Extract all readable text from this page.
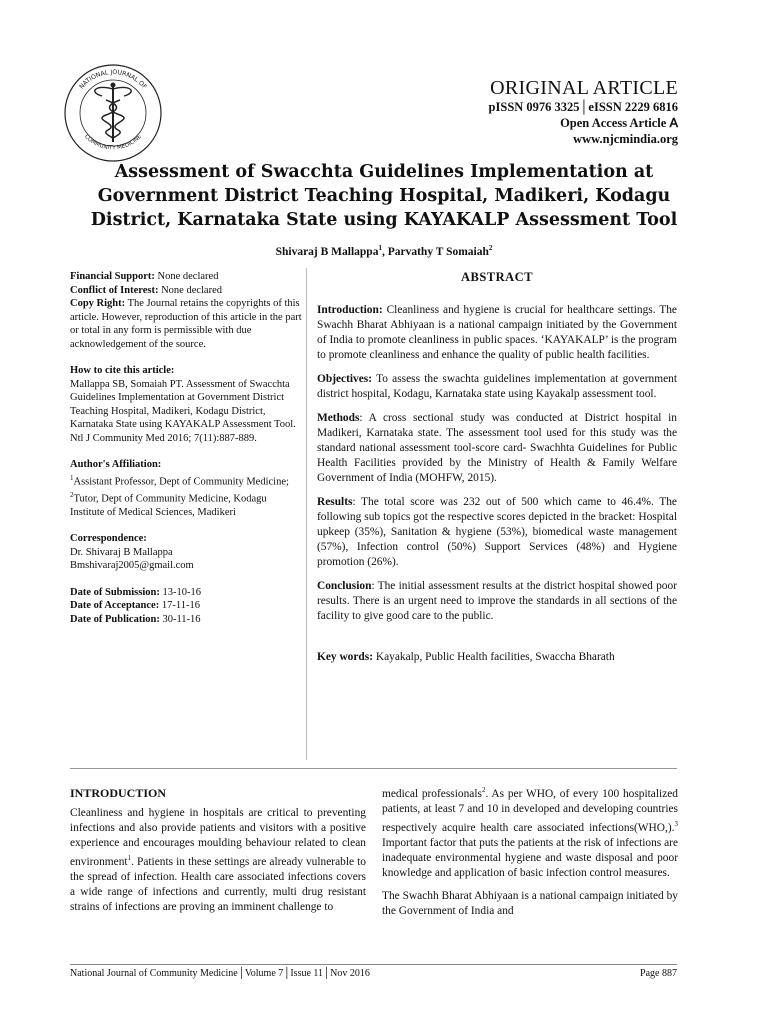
NATIONAL JOURNAL OF
COMMUNITY MEDICINE
ORIGINAL ARTICLE
pISSN 0976 3325│eISSN 2229 6816
Open Access Article 𝖠
www.njcmindia.org
Assessment of Swacchta Guidelines Implementation at Government District Teaching Hospital, Madikeri, Kodagu District, Karnataka State using KAYAKALP Assessment Tool
Shivaraj B Mallappa$^1$, Parvathy T Somaiah$^2$

Financial Support: None declared
Conflict of Interest: None declared
Copy Right: The Journal retains the copyrights of this article. However, reproduction of this article in the part or total in any form is permissible with due acknowledgement of the source.

How to cite this article:
Mallappa SB, Somaiah PT. Assessment of Swacchta Guidelines Implementation at Government District Teaching Hospital, Madikeri, Kodagu District, Karnataka State using KAYAKALP Assessment Tool. Ntl J Community Med 2016; 7(11):887-889.

Author's Affiliation:
$^1$Assistant Professor, Dept of Community Medicine; $^2$Tutor, Dept of Community Medicine, Kodagu Institute of Medical Sciences, Madikeri

Correspondence:
Dr. Shivaraj B Mallappa
Bmshivaraj2005@gmail.com

Date of Submission: 13-10-16
Date of Acceptance: 17-11-16
Date of Publication: 30-11-16

ABSTRACT

Introduction: Cleanliness and hygiene is crucial for healthcare settings. The Swachh Bharat Abhiyaan is a national campaign initiated by the Government of India to promote cleanliness in public spaces. ‘KAYAKALP’ is the program to promote cleanliness and enhance the quality of public health facilities.

Objectives: To assess the swachta guidelines implementation at government district hospital, Kodagu, Karnataka state using Kayakalp assessment tool.

Methods: A cross sectional study was conducted at District hospital in Madikeri, Karnataka state. The assessment tool used for this study was the standard national assessment tool-score card- Swachhta Guidelines for Public Health Facilities provided by the Ministry of Health & Family Welfare Government of India (MOHFW, 2015).

Results: The total score was 232 out of 500 which came to 46.4%. The following sub topics got the respective scores depicted in the bracket: Hospital upkeep (35%), Sanitation & hygiene (53%), biomedical waste management (57%), Infection control (50%) Support Services (48%) and Hygiene promotion (26%).

Conclusion: The initial assessment results at the district hospital showed poor results. There is an urgent need to improve the standards in all sections of the facility to give good care to the public.

Key words: Kayakalp, Public Health facilities, Swaccha Bharath

INTRODUCTION

Cleanliness and hygiene in hospitals are critical to preventing infections and also provide patients and visitors with a positive experience and encourages moulding behaviour related to clean environment$^1$. Patients in these settings are already vulnerable to the spread of infection. Health care associated infections covers a wide range of infections and currently, multi drug resistant strains of infections are proving an imminent challenge to

medical professionals$^2$. As per WHO, of every 100 hospitalized patients, at least 7 and 10 in developed and developing countries respectively acquire health care associated infections(WHO,).$^3$ Important factor that puts the patients at the risk of infections are inadequate environmental hygiene and waste disposal and poor knowledge and application of basic infection control measures.

The Swachh Bharat Abhiyaan is a national campaign initiated by the Government of India and

National Journal of Community Medicine│Volume 7│Issue 11│Nov 2016	Page 887
